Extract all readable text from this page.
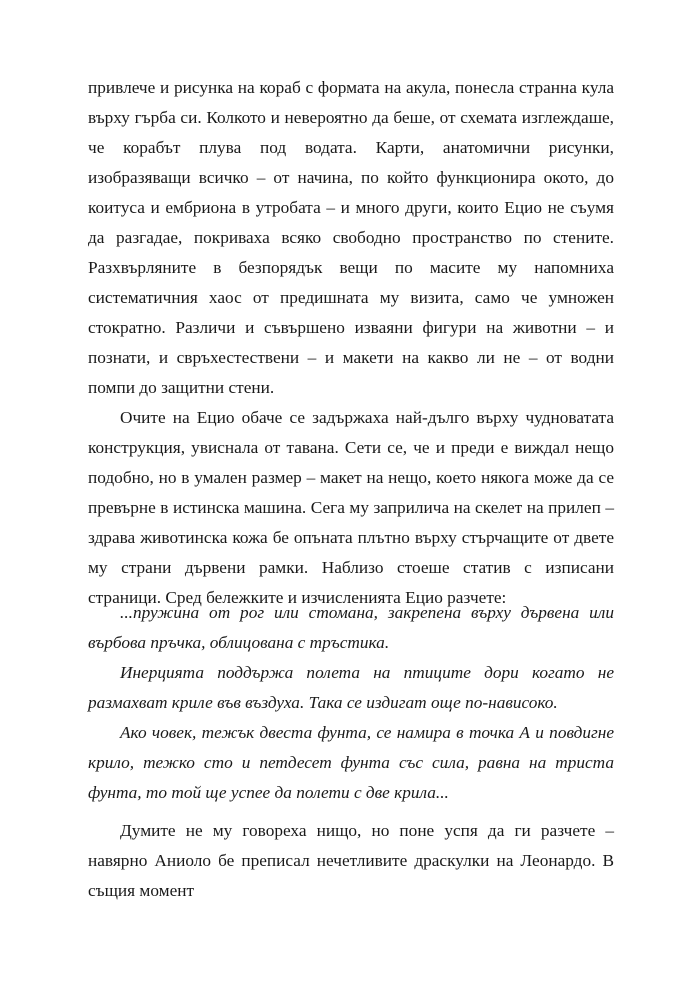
привлече и рисунка на кораб с формата на акула, понесла странна кула върху гърба си. Колкото и невероятно да беше, от схемата изглеждаше, че корабът плува под водата. Карти, анатомични рисунки, изобразяващи всичко – от начина, по който функционира окото, до коитуса и ембриона в утробата – и много други, които Ецио не съумя да разгадае, покриваха всяко свободно пространство по стените. Разхвърляните в безпорядък вещи по масите му напомниха систематичния хаос от предишната му визита, само че умножен стократно. Различи и съвършено изваяни фигури на животни – и познати, и свръхестествени – и макети на какво ли не – от водни помпи до защитни стени.

Очите на Ецио обаче се задържаха най-дълго върху чудноватата конструкция, увиснала от тавана. Сети се, че и преди е виждал нещо подобно, но в умален размер – макет на нещо, което някога може да се превърне в истинска машина. Сега му заприлича на скелет на прилеп – здрава животинска кожа бе опъната плътно върху стърчащите от двете му страни дървени рамки. Наблизо стоеше статив с изписани страници. Сред бележките и изчисленията Ецио разчете:

...пружина от рог или стомана, закрепена върху дървена или върбова пръчка, облицована с тръстика.

Инерцията поддържа полета на птиците дори когато не размахват криле във въздуха. Така се издигат още по-нависоко.

Ако човек, тежък двеста фунта, се намира в точка А и повдигне крило, тежко сто и петдесет фунта със сила, равна на триста фунта, то той ще успее да полети с две крила...

Думите не му говореха нищо, но поне успя да ги разчете – навярно Аниоло бе преписал нечетливите драскулки на Леонардо. В същия момент
